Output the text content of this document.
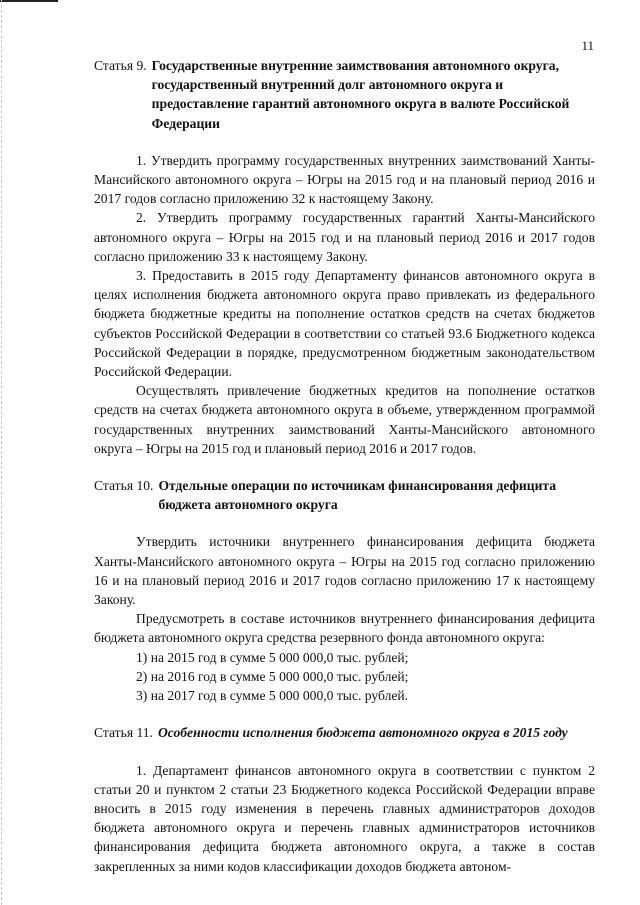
11
Статья 9. Государственные внутренние заимствования автономного округа, государственный внутренний долг автономного округа и предоставление гарантий автономного округа в валюте Российской Федерации

1. Утвердить программу государственных внутренних заимствований Ханты-Мансийского автономного округа – Югры на 2015 год и на плановый период 2016 и 2017 годов согласно приложению 32 к настоящему Закону.

2. Утвердить программу государственных гарантий Ханты-Мансийского автономного округа – Югры на 2015 год и на плановый период 2016 и 2017 годов согласно приложению 33 к настоящему Закону.

3. Предоставить в 2015 году Департаменту финансов автономного округа в целях исполнения бюджета автономного округа право привлекать из федерального бюджета бюджетные кредиты на пополнение остатков средств на счетах бюджетов субъектов Российской Федерации в соответствии со статьей 93.6 Бюджетного кодекса Российской Федерации в порядке, предусмотренном бюджетным законодательством Российской Федерации.

Осуществлять привлечение бюджетных кредитов на пополнение остатков средств на счетах бюджета автономного округа в объеме, утвержденном программой государственных внутренних заимствований Ханты-Мансийского автономного округа – Югры на 2015 год и плановый период 2016 и 2017 годов.

Статья 10. Отдельные операции по источникам финансирования дефицита бюджета автономного округа

Утвердить источники внутреннего финансирования дефицита бюджета Ханты-Мансийского автономного округа – Югры на 2015 год согласно приложению 16 и на плановый период 2016 и 2017 годов согласно приложению 17 к настоящему Закону.

Предусмотреть в составе источников внутреннего финансирования дефицита бюджета автономного округа средства резервного фонда автономного округа:

1) на 2015 год в сумме 5 000 000,0 тыс. рублей;

2) на 2016 год в сумме 5 000 000,0 тыс. рублей;

3) на 2017 год в сумме 5 000 000,0 тыс. рублей.

Статья 11. Особенности исполнения бюджета автономного округа в 2015 году

1. Департамент финансов автономного округа в соответствии с пунктом 2 статьи 20 и пунктом 2 статьи 23 Бюджетного кодекса Российской Федерации вправе вносить в 2015 году изменения в перечень главных администраторов доходов бюджета автономного округа и перечень главных администраторов источников финансирования дефицита бюджета автономного округа, а также в состав закрепленных за ними кодов классификации доходов бюджета автоном-
